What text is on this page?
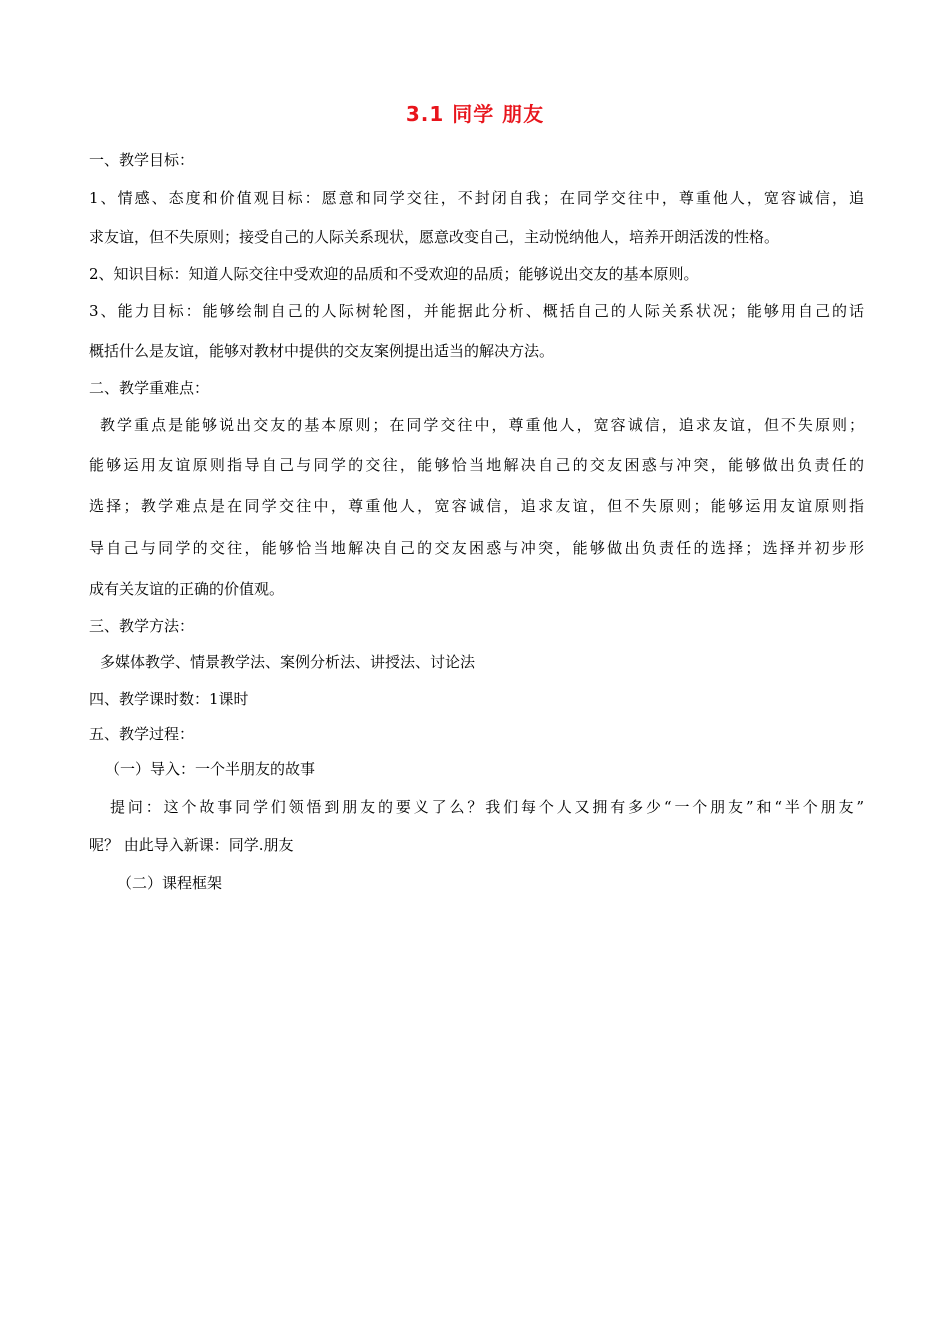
3.1 同学 朋友
一、教学目标：
1、情感、态度和价值观目标：愿意和同学交往，不封闭自我；在同学交往中，尊重他人，宽容诚信，追
求友谊，但不失原则；接受自己的人际关系现状，愿意改变自己，主动悦纳他人，培养开朗活泼的性格。
2、知识目标：知道人际交往中受欢迎的品质和不受欢迎的品质；能够说出交友的基本原则。
3、能力目标：能够绘制自己的人际树轮图，并能据此分析、概括自己的人际关系状况；能够用自己的话
概括什么是友谊，能够对教材中提供的交友案例提出适当的解决方法。
二、教学重难点：
教学重点是能够说出交友的基本原则；在同学交往中，尊重他人，宽容诚信，追求友谊，但不失原则；
能够运用友谊原则指导自己与同学的交往，能够恰当地解决自己的交友困惑与冲突，能够做出负责任的
选择；教学难点是在同学交往中，尊重他人，宽容诚信，追求友谊，但不失原则；能够运用友谊原则指
导自己与同学的交往，能够恰当地解决自己的交友困惑与冲突，能够做出负责任的选择；选择并初步形
成有关友谊的正确的价值观。
三、教学方法：
多媒体教学、情景教学法、案例分析法、讲授法、讨论法
四、教学课时数：1课时
五、教学过程：
（一）导入：一个半朋友的故事
提问：这个故事同学们领悟到朋友的要义了么？我们每个人又拥有多少“一个朋友”和“半个朋友”
呢？ 由此导入新课：同学.朋友
（二）课程框架
